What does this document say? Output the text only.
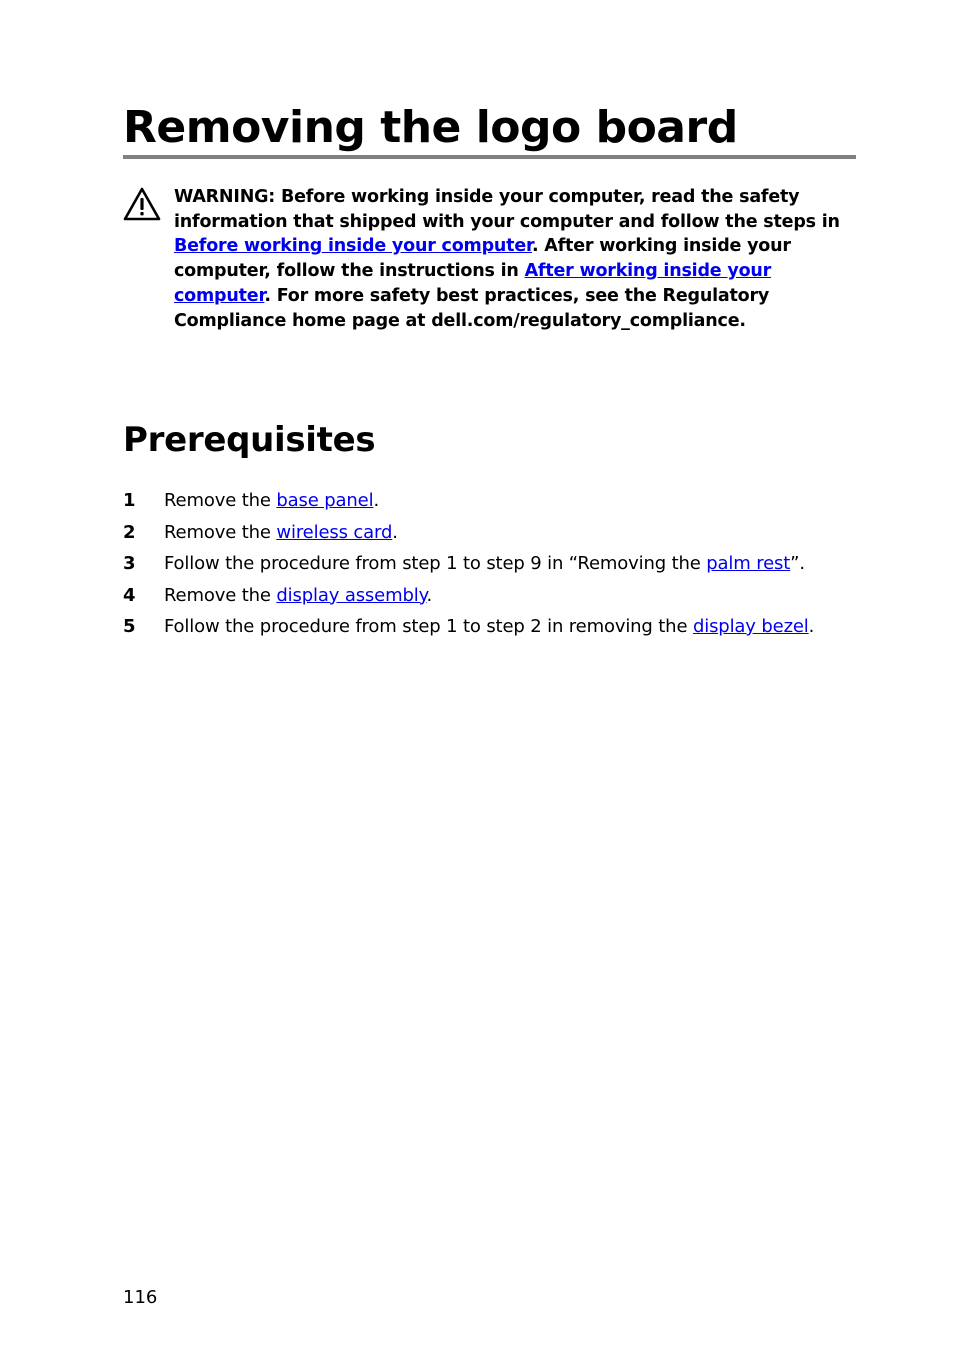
Removing the logo board

WARNING: Before working inside your computer, read the safety information that shipped with your computer and follow the steps in Before working inside your computer. After working inside your computer, follow the instructions in After working inside your computer. For more safety best practices, see the Regulatory Compliance home page at dell.com/regulatory_compliance.

Prerequisites
1 Remove the base panel.
2 Remove the wireless card.
3 Follow the procedure from step 1 to step 9 in “Removing the palm rest”.
4 Remove the display assembly.
5 Follow the procedure from step 1 to step 2 in removing the display bezel.
116
